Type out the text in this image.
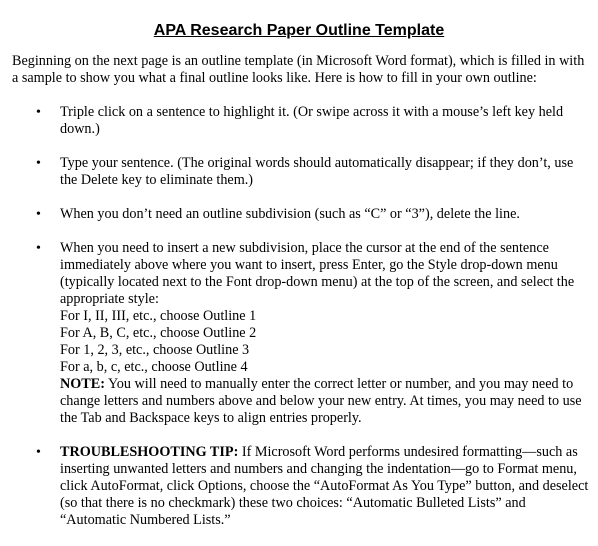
APA Research Paper Outline Template

Beginning on the next page is an outline template (in Microsoft Word format), which is filled in with a sample to show you what a final outline looks like. Here is how to fill in your own outline:

• Triple click on a sentence to highlight it. (Or swipe across it with a mouse’s left key held down.)

• Type your sentence. (The original words should automatically disappear; if they don’t, use the Delete key to eliminate them.)

• When you don’t need an outline subdivision (such as “C” or “3”), delete the line.

• When you need to insert a new subdivision, place the cursor at the end of the sentence immediately above where you want to insert, press Enter, go the Style drop-down menu (typically located next to the Font drop-down menu) at the top of the screen, and select the appropriate style:

For I, II, III, etc., choose Outline 1
For A, B, C, etc., choose Outline 2
For 1, 2, 3, etc., choose Outline 3
For a, b, c, etc., choose Outline 4

NOTE: You will need to manually enter the correct letter or number, and you may need to change letters and numbers above and below your new entry. At times, you may need to use the Tab and Backspace keys to align entries properly.

• TROUBLESHOOTING TIP: If Microsoft Word performs undesired formatting—such as inserting unwanted letters and numbers and changing the indentation—go to Format menu, click AutoFormat, click Options, choose the “AutoFormat As You Type” button, and deselect (so that there is no checkmark) these two choices: “Automatic Bulleted Lists” and “Automatic Numbered Lists.”
